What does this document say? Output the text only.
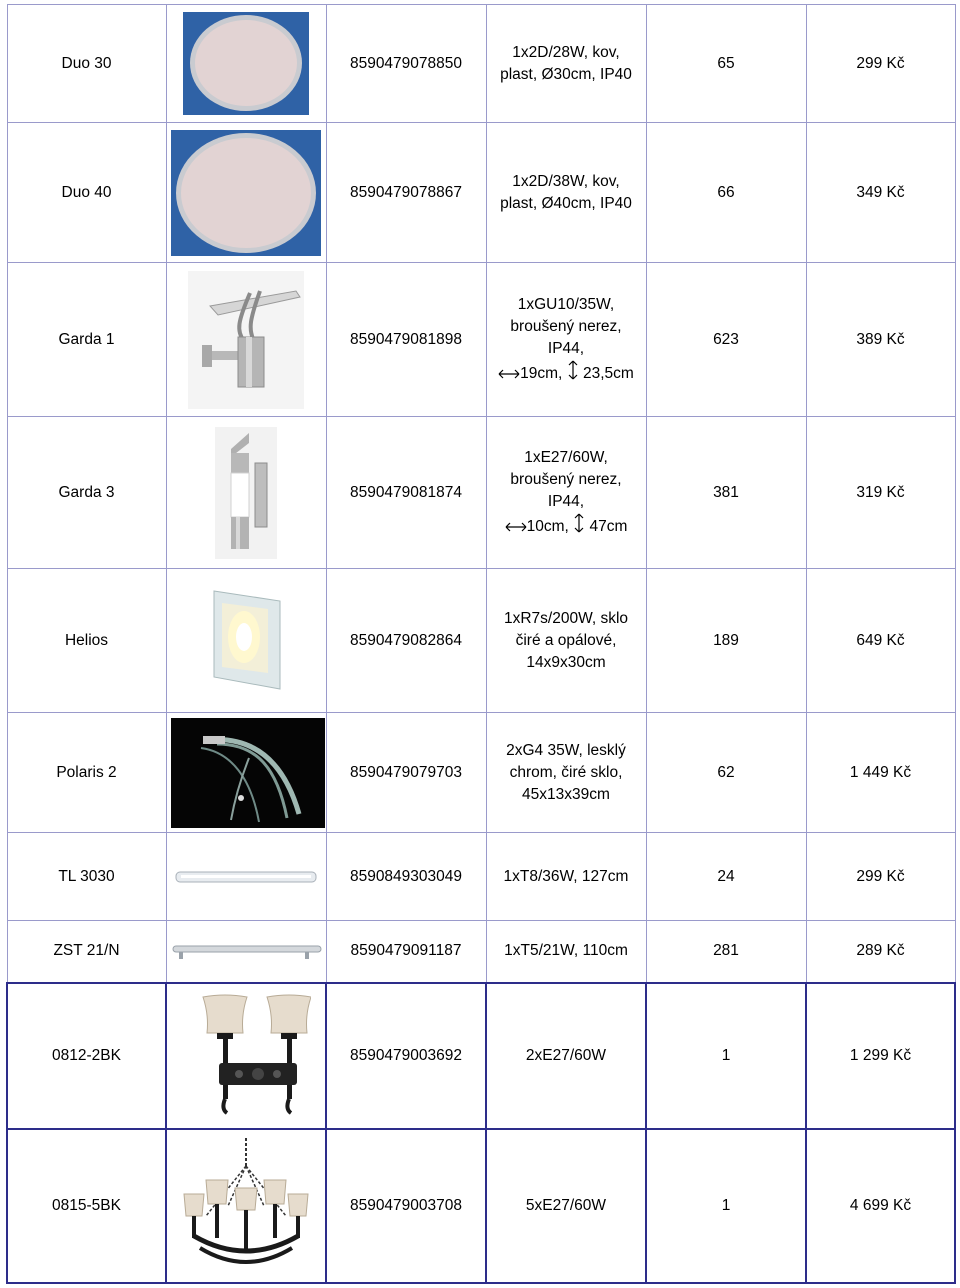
Duo 30		8590479078850	1x2D/28W, kov,
plast, Ø30cm, IP40	65	299 Kč
Duo 40		8590479078867	1x2D/38W, kov,
plast, Ø40cm, IP40	66	349 Kč
Garda 1		8590479081898	1xGU10/35W,
broušený nerez, IP44,
19cm, 23,5cm	623	389 Kč
Garda 3		8590479081874	1xE27/60W,
broušený nerez, IP44,
10cm, 47cm	381	319 Kč
Helios		8590479082864	1xR7s/200W, sklo
čiré a opálové,
14x9x30cm	189	649 Kč
Polaris 2		8590479079703	2xG4 35W, lesklý
chrom, čiré sklo,
45x13x39cm	62	1 449 Kč
TL 3030		8590849303049	1xT8/36W, 127cm	24	299 Kč
ZST 21/N		8590479091187	1xT5/21W, 110cm	281	289 Kč
0812-2BK		8590479003692	2xE27/60W	1	1 299 Kč
0815-5BK		8590479003708	5xE27/60W	1	4 699 Kč
